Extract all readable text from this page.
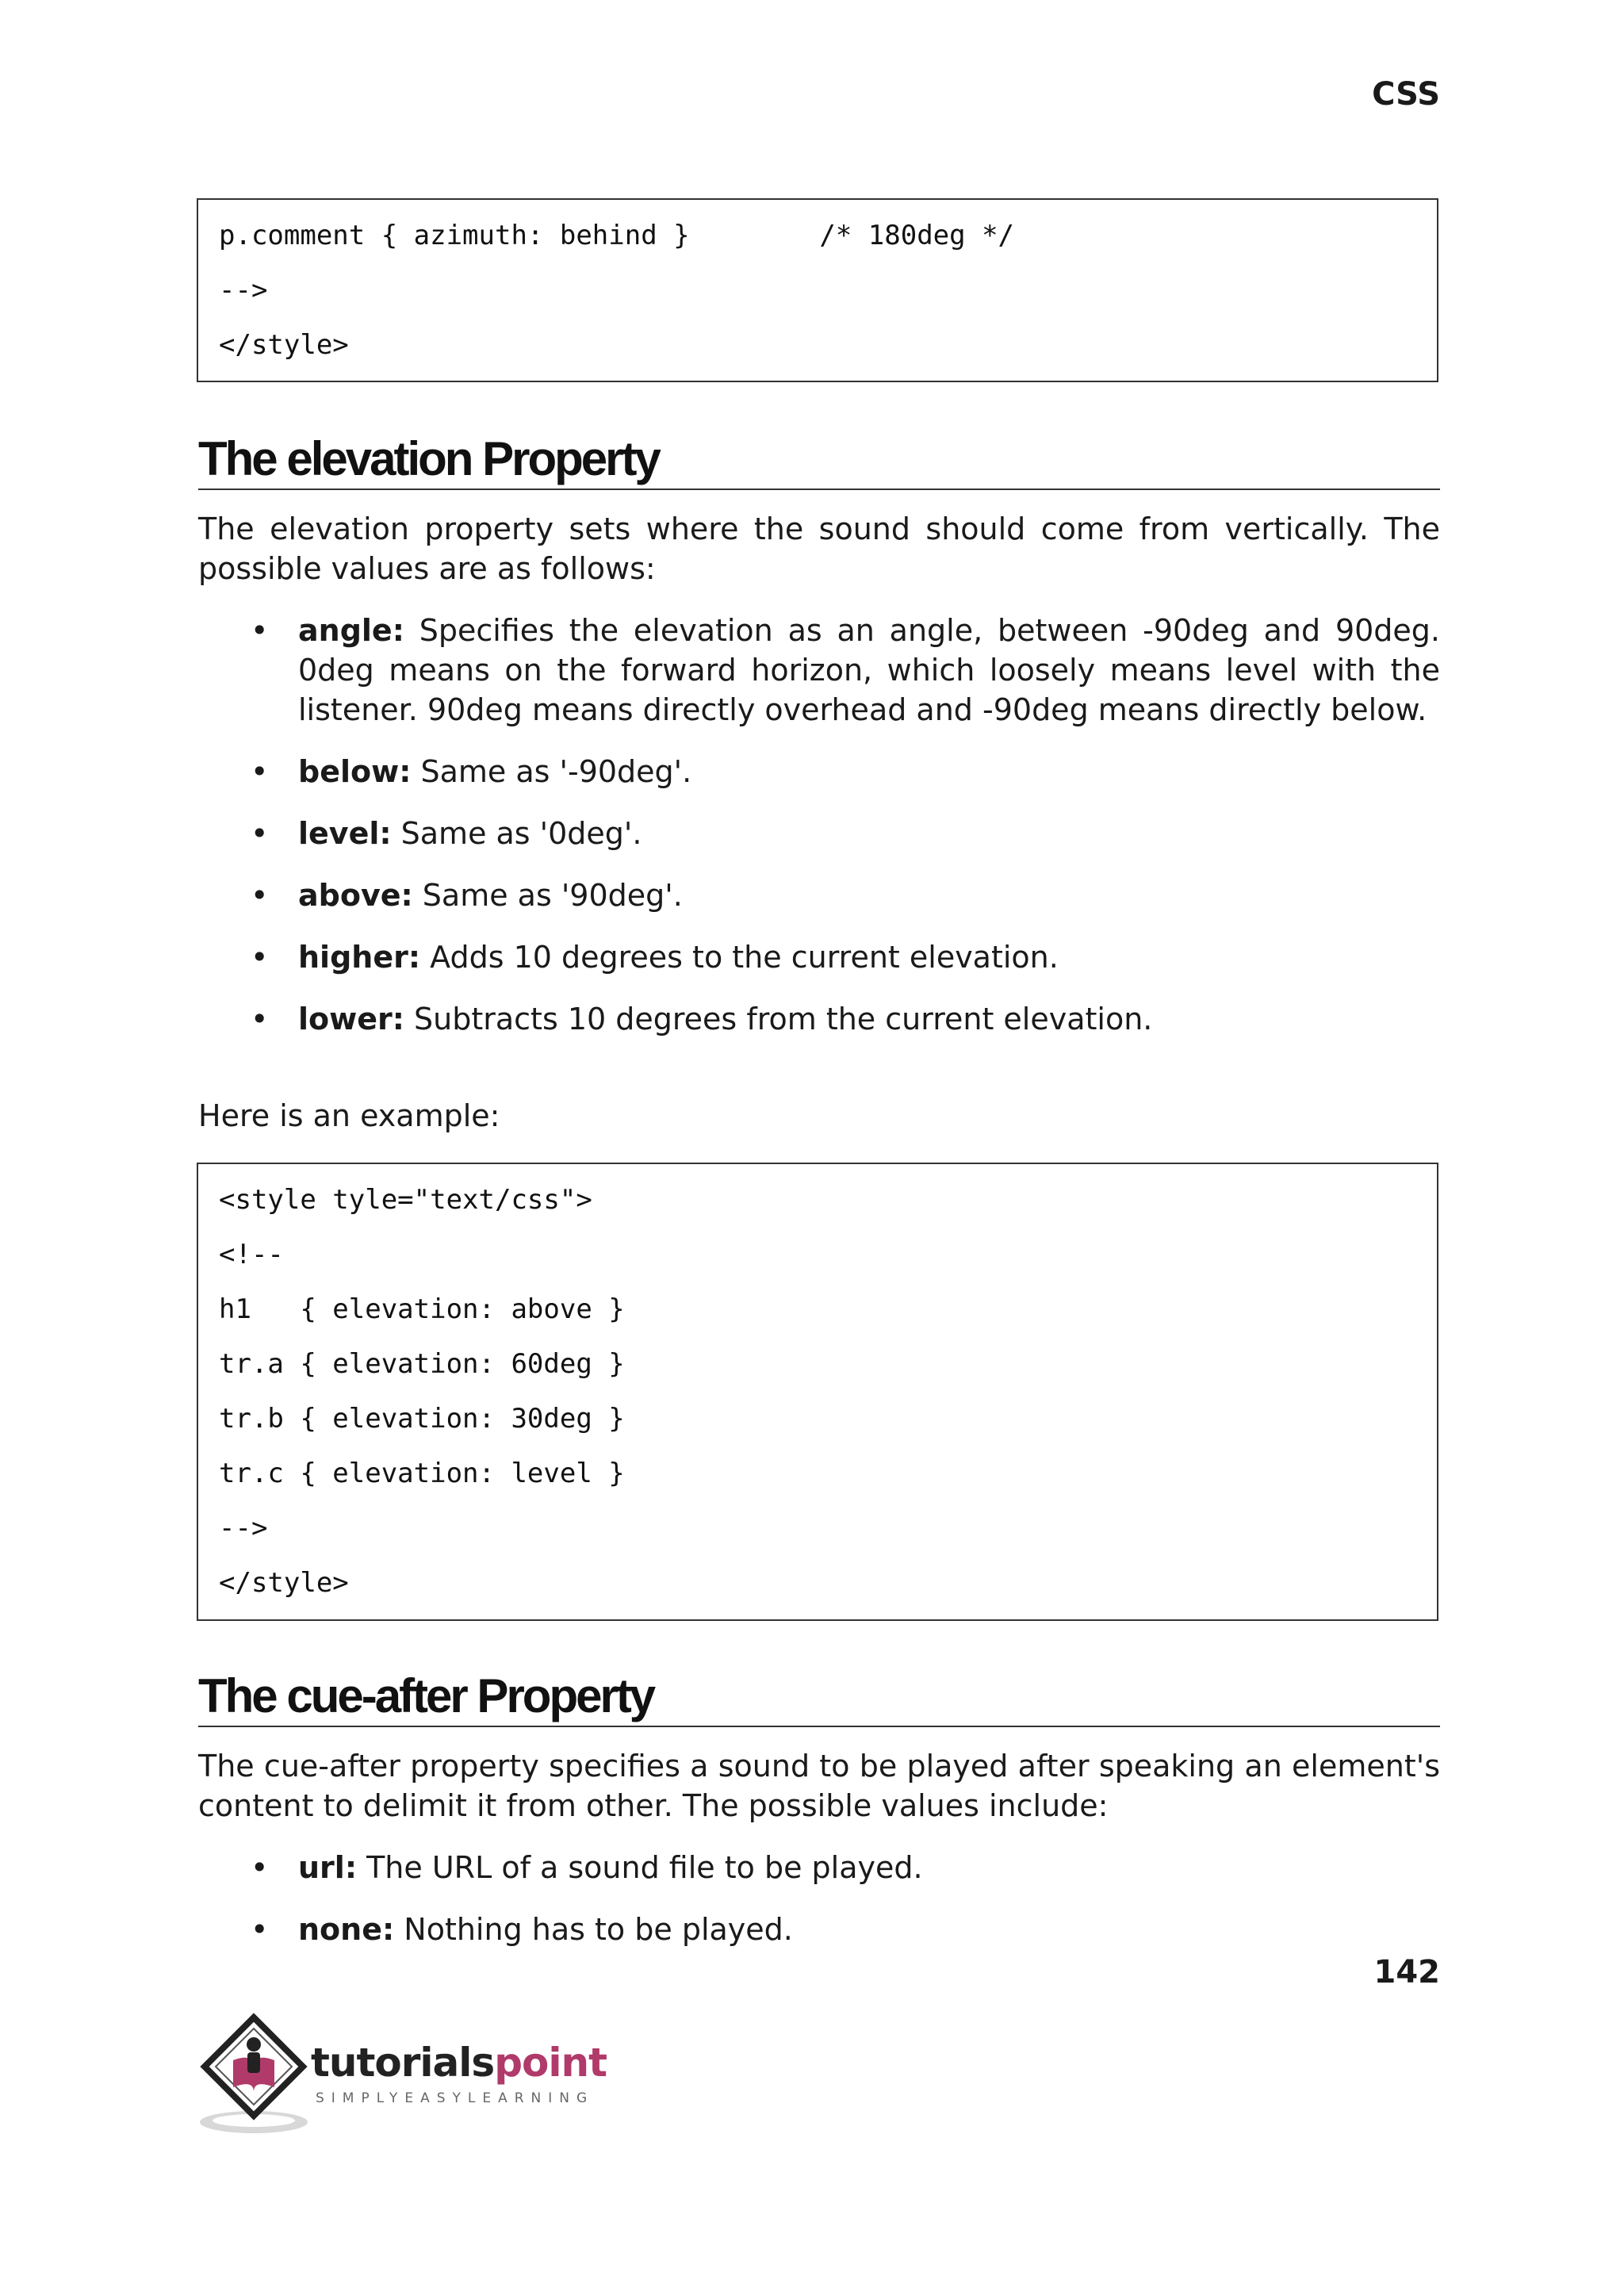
CSS
p.comment { azimuth: behind }        /* 180deg */
-->
</style>
The elevation Property
The elevation property sets where the sound should come from vertically. The possible values are as follows:
• angle: Specifies the elevation as an angle, between -90deg and 90deg. 0deg means on the forward horizon, which loosely means level with the listener. 90deg means directly overhead and -90deg means directly below.
• below: Same as '-90deg'.
• level: Same as '0deg'.
• above: Same as '90deg'.
• higher: Adds 10 degrees to the current elevation.
• lower: Subtracts 10 degrees from the current elevation.
Here is an example:
<style tyle="text/css">
<!--
h1   { elevation: above }
tr.a { elevation: 60deg }
tr.b { elevation: 30deg }
tr.c { elevation: level }
-->
</style>
The cue-after Property
The cue-after property specifies a sound to be played after speaking an element's content to delimit it from other. The possible values include:
• url: The URL of a sound file to be played.
• none: Nothing has to be played.
142
tutorialspoint
SIMPLYEASYLEARNING
